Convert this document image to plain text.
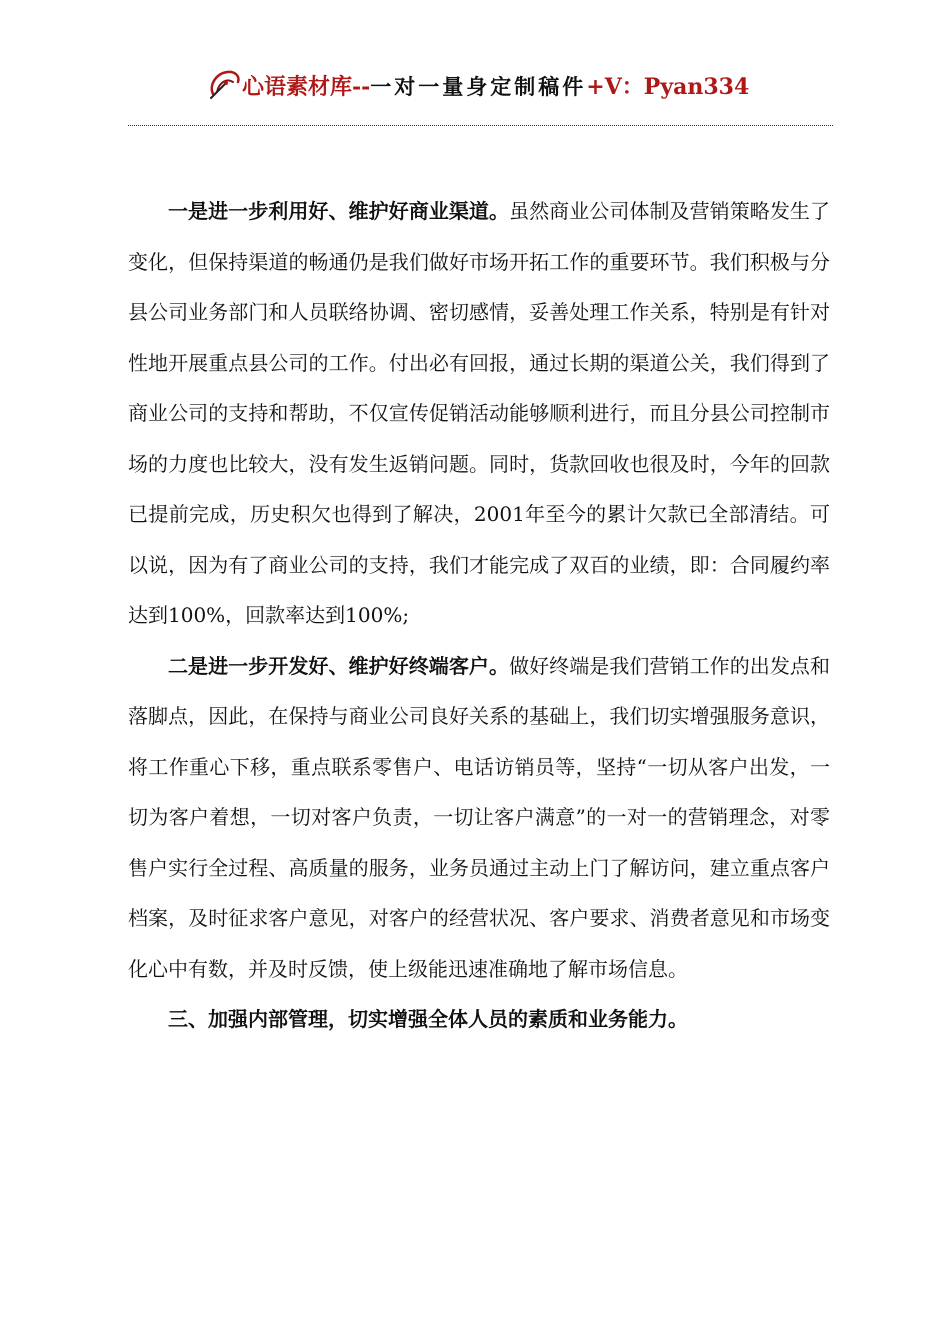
心语素材库--一对一量身定制稿件+V：Pyan334

一是进一步利用好、维护好商业渠道。虽然商业公司体制及营销策略发生了变化，但保持渠道的畅通仍是我们做好市场开拓工作的重要环节。我们积极与分县公司业务部门和人员联络协调、密切感情，妥善处理工作关系，特别是有针对性地开展重点县公司的工作。付出必有回报，通过长期的渠道公关，我们得到了商业公司的支持和帮助，不仅宣传促销活动能够顺利进行，而且分县公司控制市场的力度也比较大，没有发生返销问题。同时，货款回收也很及时，今年的回款已提前完成，历史积欠也得到了解决，2001年至今的累计欠款已全部清结。可以说，因为有了商业公司的支持，我们才能完成了双百的业绩，即：合同履约率达到100%，回款率达到100%;

二是进一步开发好、维护好终端客户。做好终端是我们营销工作的出发点和落脚点，因此，在保持与商业公司良好关系的基础上，我们切实增强服务意识，将工作重心下移，重点联系零售户、电话访销员等，坚持“一切从客户出发，一切为客户着想，一切对客户负责，一切让客户满意”的一对一的营销理念，对零售户实行全过程、高质量的服务，业务员通过主动上门了解访问，建立重点客户档案，及时征求客户意见，对客户的经营状况、客户要求、消费者意见和市场变化心中有数，并及时反馈，使上级能迅速准确地了解市场信息。

三、加强内部管理，切实增强全体人员的素质和业务能力。
